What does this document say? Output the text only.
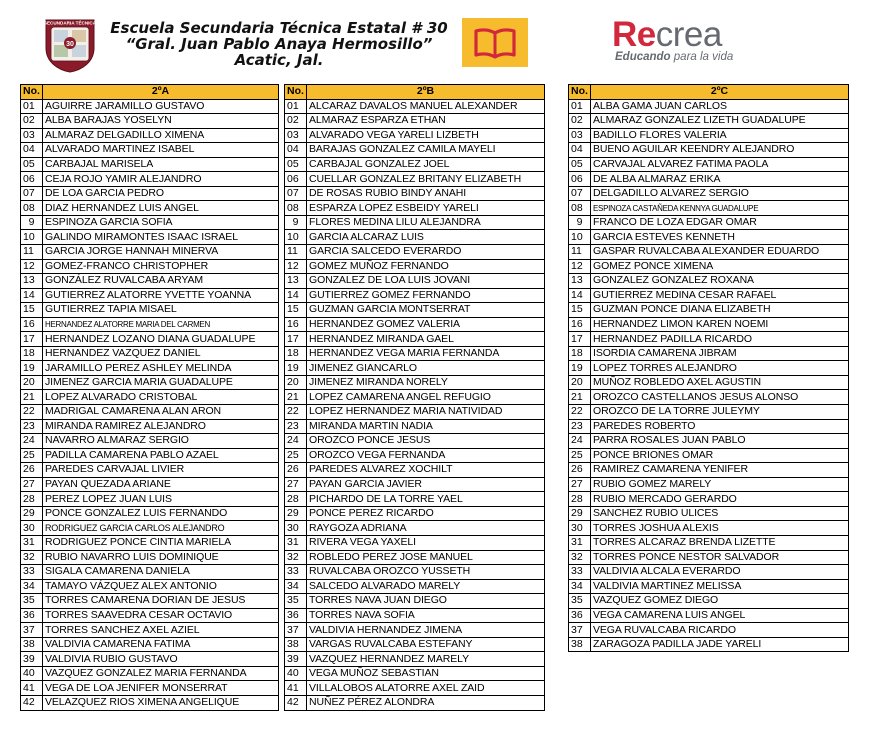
30
SECUNDARIA TÉCNICA Escuela Secundaria Técnica Estatal # 30
“Gral. Juan Pablo Anaya Hermosillo”
Acatic, Jal.
Recrea
Educando para la vida
No.	2ºA
01	AGUIRRE JARAMILLO GUSTAVO
02	ALBA BARAJAS YOSELYN
03	ALMARAZ DELGADILLO XIMENA
04	ALVARADO MARTINEZ ISABEL
05	CARBAJAL MARISELA
06	CEJA ROJO YAMIR ALEJANDRO
07	DE LOA GARCIA PEDRO
08	DIAZ HERNANDEZ LUIS ANGEL
9	ESPINOZA GARCIA SOFIA
10	GALINDO MIRAMONTES ISAAC ISRAEL
11	GARCIA JORGE HANNAH MINERVA
12	GOMEZ-FRANCO CHRISTOPHER
13	GONZÁLEZ RUVALCABA ARYAM
14	GUTIERREZ ALATORRE YVETTE YOANNA
15	GUTIERREZ TAPIA MISAEL
16	HERNANDEZ ALATORRE MARIA DEL CARMEN
17	HERNANDEZ LOZANO DIANA GUADALUPE
18	HERNANDEZ VAZQUEZ DANIEL
19	JARAMILLO PEREZ ASHLEY MELINDA
20	JIMENEZ GARCIA MARIA GUADALUPE
21	LOPEZ ALVARADO CRISTOBAL
22	MADRIGAL CAMARENA ALAN ARON
23	MIRANDA RAMIREZ ALEJANDRO
24	NAVARRO ALMARAZ SERGIO
25	PADILLA CAMARENA PABLO AZAEL
26	PAREDES CARVAJAL LIVIER
27	PAYAN QUEZADA ARIANE
28	PEREZ LOPEZ JUAN LUIS
29	PONCE GONZALEZ LUIS FERNANDO
30	RODRIGUEZ GARCIA CARLOS ALEJANDRO
31	RODRIGUEZ PONCE CINTIA MARIELA
32	RUBIO NAVARRO LUIS DOMINIQUE
33	SIGALA CAMARENA DANIELA
34	TAMAYO VÁZQUEZ ALEX ANTONIO
35	TORRES CAMARENA DORIAN DE JESUS
36	TORRES SAAVEDRA CESAR OCTAVIO
37	TORRES SANCHEZ AXEL AZIEL
38	VALDIVIA CAMARENA FATIMA
39	VALDIVIA RUBIO GUSTAVO
40	VAZQUEZ GONZALEZ MARIA FERNANDA
41	VEGA DE LOA JENIFER MONSERRAT
42	VELAZQUEZ RIOS XIMENA ANGELIQUE
No.	2ºB
01	ALCARAZ DAVALOS MANUEL ALEXANDER
02	ALMARAZ ESPARZA ETHAN
03	ALVARADO VEGA YARELI LIZBETH
04	BARAJAS GONZALEZ CAMILA MAYELI
05	CARBAJAL GONZALEZ JOEL
06	CUELLAR GONZALEZ BRITANY ELIZABETH
07	DE ROSAS RUBIO BINDY ANAHI
08	ESPARZA LOPEZ ESBEIDY YARELI
9	FLORES MEDINA LILU ALEJANDRA
10	GARCIA ALCARAZ LUIS
11	GARCIA SALCEDO EVERARDO
12	GOMEZ MUÑOZ FERNANDO
13	GONZALEZ DE LOA LUIS JOVANI
14	GUTIERREZ GOMEZ FERNANDO
15	GUZMAN GARCIA MONTSERRAT
16	HERNANDEZ GOMEZ VALERIA
17	HERNANDEZ MIRANDA GAEL
18	HERNANDEZ VEGA MARIA FERNANDA
19	JIMENEZ GIANCARLO
20	JIMENEZ MIRANDA NORELY
21	LOPEZ CAMARENA ANGEL REFUGIO
22	LOPEZ HERNANDEZ MARIA NATIVIDAD
23	MIRANDA MARTIN NADIA
24	OROZCO PONCE JESUS
25	OROZCO VEGA FERNANDA
26	PAREDES ALVAREZ XOCHILT
27	PAYAN GARCIA JAVIER
28	PICHARDO DE LA TORRE YAEL
29	PONCE PEREZ RICARDO
30	RAYGOZA ADRIANA
31	RIVERA VEGA YAXELI
32	ROBLEDO PEREZ JOSE MANUEL
33	RUVALCABA OROZCO YUSSETH
34	SALCEDO ALVARADO MARELY
35	TORRES NAVA JUAN DIEGO
36	TORRES NAVA SOFIA
37	VALDIVIA HERNANDEZ JIMENA
38	VARGAS RUVALCABA ESTEFANY
39	VAZQUEZ HERNANDEZ MARELY
40	VEGA MUÑOZ SEBASTIAN
41	VILLALOBOS ALATORRE AXEL ZAID
42	NUÑEZ PÉREZ ALONDRA
No.	2ºC
01	ALBA GAMA JUAN CARLOS
02	ALMARAZ GONZALEZ LIZETH GUADALUPE
03	BADILLO FLORES VALERIA
04	BUENO AGUILAR KEENDRY ALEJANDRO
05	CARVAJAL ALVAREZ FATIMA PAOLA
06	DE ALBA ALMARAZ ERIKA
07	DELGADILLO ALVAREZ SERGIO
08	ESPINOZA CASTAÑEDA KENNYA GUADALUPE
9	FRANCO DE LOZA EDGAR OMAR
10	GARCIA ESTEVES KENNETH
11	GASPAR RUVALCABA ALEXANDER EDUARDO
12	GOMEZ PONCE XIMENA
13	GONZALEZ GONZALEZ ROXANA
14	GUTIERREZ MEDINA CESAR RAFAEL
15	GUZMAN PONCE DIANA ELIZABETH
16	HERNANDEZ LIMON KAREN NOEMI
17	HERNANDEZ PADILLA RICARDO
18	ISORDIA CAMARENA JIBRAM
19	LOPEZ TORRES ALEJANDRO
20	MUÑOZ ROBLEDO AXEL AGUSTIN
21	OROZCO CASTELLANOS JESUS ALONSO
22	OROZCO DE LA TORRE JULEYMY
23	PAREDES ROBERTO
24	PARRA ROSALES JUAN PABLO
25	PONCE BRIONES OMAR
26	RAMIREZ CAMARENA YENIFER
27	RUBIO GOMEZ MARELY
28	RUBIO MERCADO GERARDO
29	SANCHEZ RUBIO ULICES
30	TORRES JOSHUA ALEXIS
31	TORRES ALCARAZ BRENDA LIZETTE
32	TORRES PONCE NESTOR SALVADOR
33	VALDIVIA ALCALA EVERARDO
34	VALDIVIA MARTINEZ MELISSA
35	VAZQUEZ GOMEZ DIEGO
36	VEGA CAMARENA LUIS ANGEL
37	VEGA RUVALCABA RICARDO
38	ZARAGOZA PADILLA JADE YARELI
